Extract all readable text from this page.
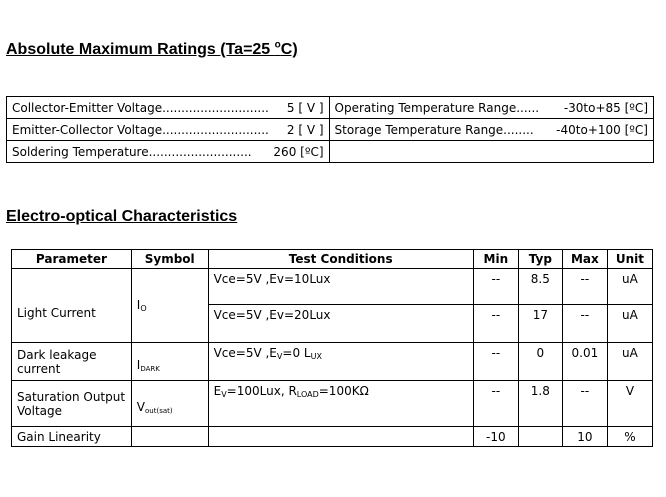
Absolute Maximum Ratings (Ta=25 $^o$C)
Collector-Emitter Voltage............................ 5 [ V ]	Operating Temperature Range...... -30to+85 [ºC]

Emitter-Collector Voltage............................ 2 [ V ]	Storage Temperature Range........ -40to+100 [ºC]

Soldering Temperature........................... 260 [ºC]	

Electro-optical Characteristics
Parameter	Symbol	Test Conditions	Min	Typ	Max	Unit
Light Current	$I_O$	Vce=5V ,Ev=10Lux	--	8.5	--	uA
		Vce=5V ,Ev=20Lux	--	17	--	uA
Dark leakage current	IDARK	Vce=5V $,E_V=0$ $L_{UX}$	--	0	0.01	uA
Saturation Output Voltage	Vout(sat)	$E_V=100Lux$, $R_{LOAD}=100K\Omega$	--	1.8	--	V
Gain Linearity			-10		10	%
